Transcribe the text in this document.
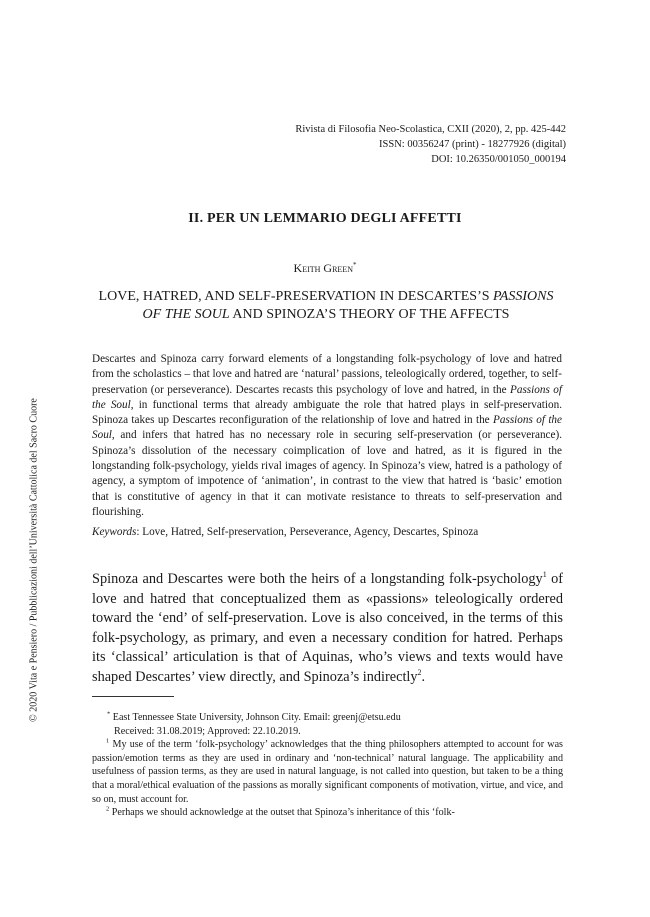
Rivista di Filosofia Neo-Scolastica, CXII (2020), 2, pp. 425-442
ISSN: 00356247 (print) - 18277926 (digital)
DOI: 10.26350/001050_000194
II. PER UN LEMMARIO DEGLI AFFETTI
Keith Green*
LOVE, HATRED, AND SELF-PRESERVATION IN DESCARTES’S PASSIONS OF THE SOUL AND SPINOZA’S THEORY OF THE AFFECTS
Descartes and Spinoza carry forward elements of a longstanding folk-psychology of love and hatred from the scholastics – that love and hatred are ‘natural’ passions, teleologically ordered, together, to self-preservation (or perseverance). Descartes recasts this psychology of love and hatred, in the Passions of the Soul, in functional terms that already ambiguate the role that hatred plays in self-preservation. Spinoza takes up Descartes reconfiguration of the relationship of love and hatred in the Passions of the Soul, and infers that hatred has no necessary role in securing self-preservation (or perseverance). Spinoza’s dissolution of the necessary coimplication of love and hatred, as it is figured in the longstanding folk-psychology, yields rival images of agency. In Spinoza’s view, hatred is a pathology of agency, a symptom of impotence of ‘animation’, in contrast to the view that hatred is ‘basic’ emotion that is constitutive of agency in that it can motivate resistance to threats to self-preservation and flourishing.
Keywords: Love, Hatred, Self-preservation, Perseverance, Agency, Descartes, Spinoza
Spinoza and Descartes were both the heirs of a longstanding folk-psychology$^1$ of love and hatred that conceptualized them as «passions» teleologically ordered toward the ‘end’ of self-preservation. Love is also conceived, in the terms of this folk-psychology, as primary, and even a necessary condition for hatred. Perhaps its ‘classical’ articulation is that of Aquinas, who’s views and texts would have shaped Descartes’ view directly, and Spinoza’s indirectly$^2$.

* East Tennessee State University, Johnson City. Email: greenj@etsu.edu
Received: 31.08.2019; Approved: 22.10.2019.

$^1$ My use of the term ‘folk-psychology’ acknowledges that the thing philosophers attempted to account for was passion/emotion terms as they are used in ordinary and ‘non-technical’ natural language. The applicability and usefulness of passion terms, as they are used in natural language, is not called into question, but taken to be a thing that a moral/ethical evaluation of the passions as morally significant components of motivation, virtue, and vice, and so on, must account for.

$^2$ Perhaps we should acknowledge at the outset that Spinoza’s inheritance of this ‘folk-

© 2020 Vita e Pensiero / Pubblicazioni dell’Università Cattolica del Sacro Cuore
